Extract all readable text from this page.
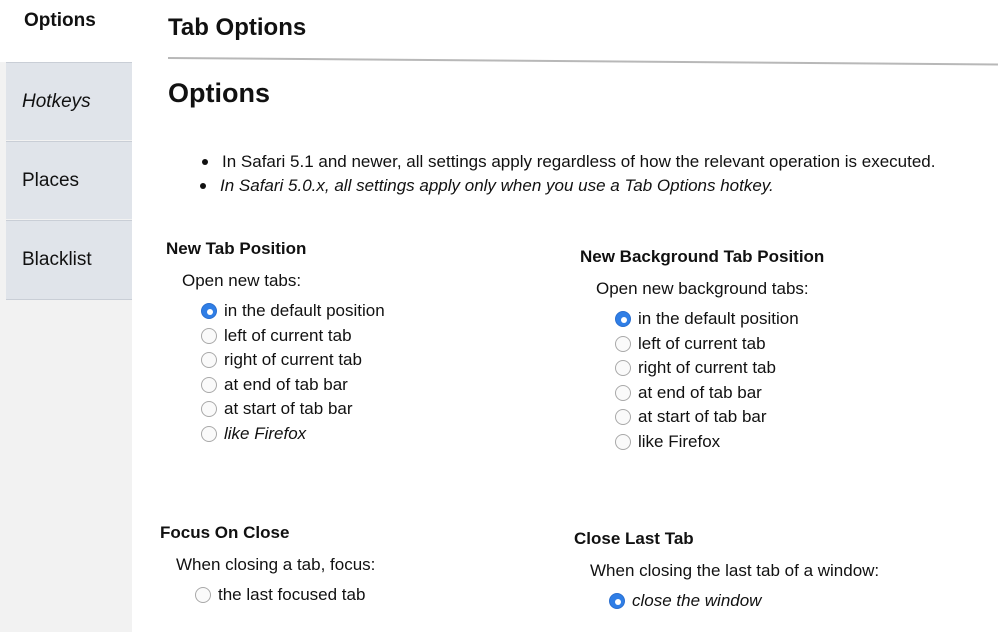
Options
Hotkeys
Places
Blacklist
Tab Options
Options
In Safari 5.1 and newer, all settings apply regardless of how the relevant operation is executed.
In Safari 5.0.x, all settings apply only when you use a Tab Options hotkey.
New Tab Position
Open new tabs:
in the default position
left of current tab
right of current tab
at end of tab bar
at start of tab bar
like Firefox
New Background Tab Position
Open new background tabs:
in the default position
left of current tab
right of current tab
at end of tab bar
at start of tab bar
like Firefox
Focus On Close
When closing a tab, focus:
the last focused tab
Close Last Tab
When closing the last tab of a window:
close the window
